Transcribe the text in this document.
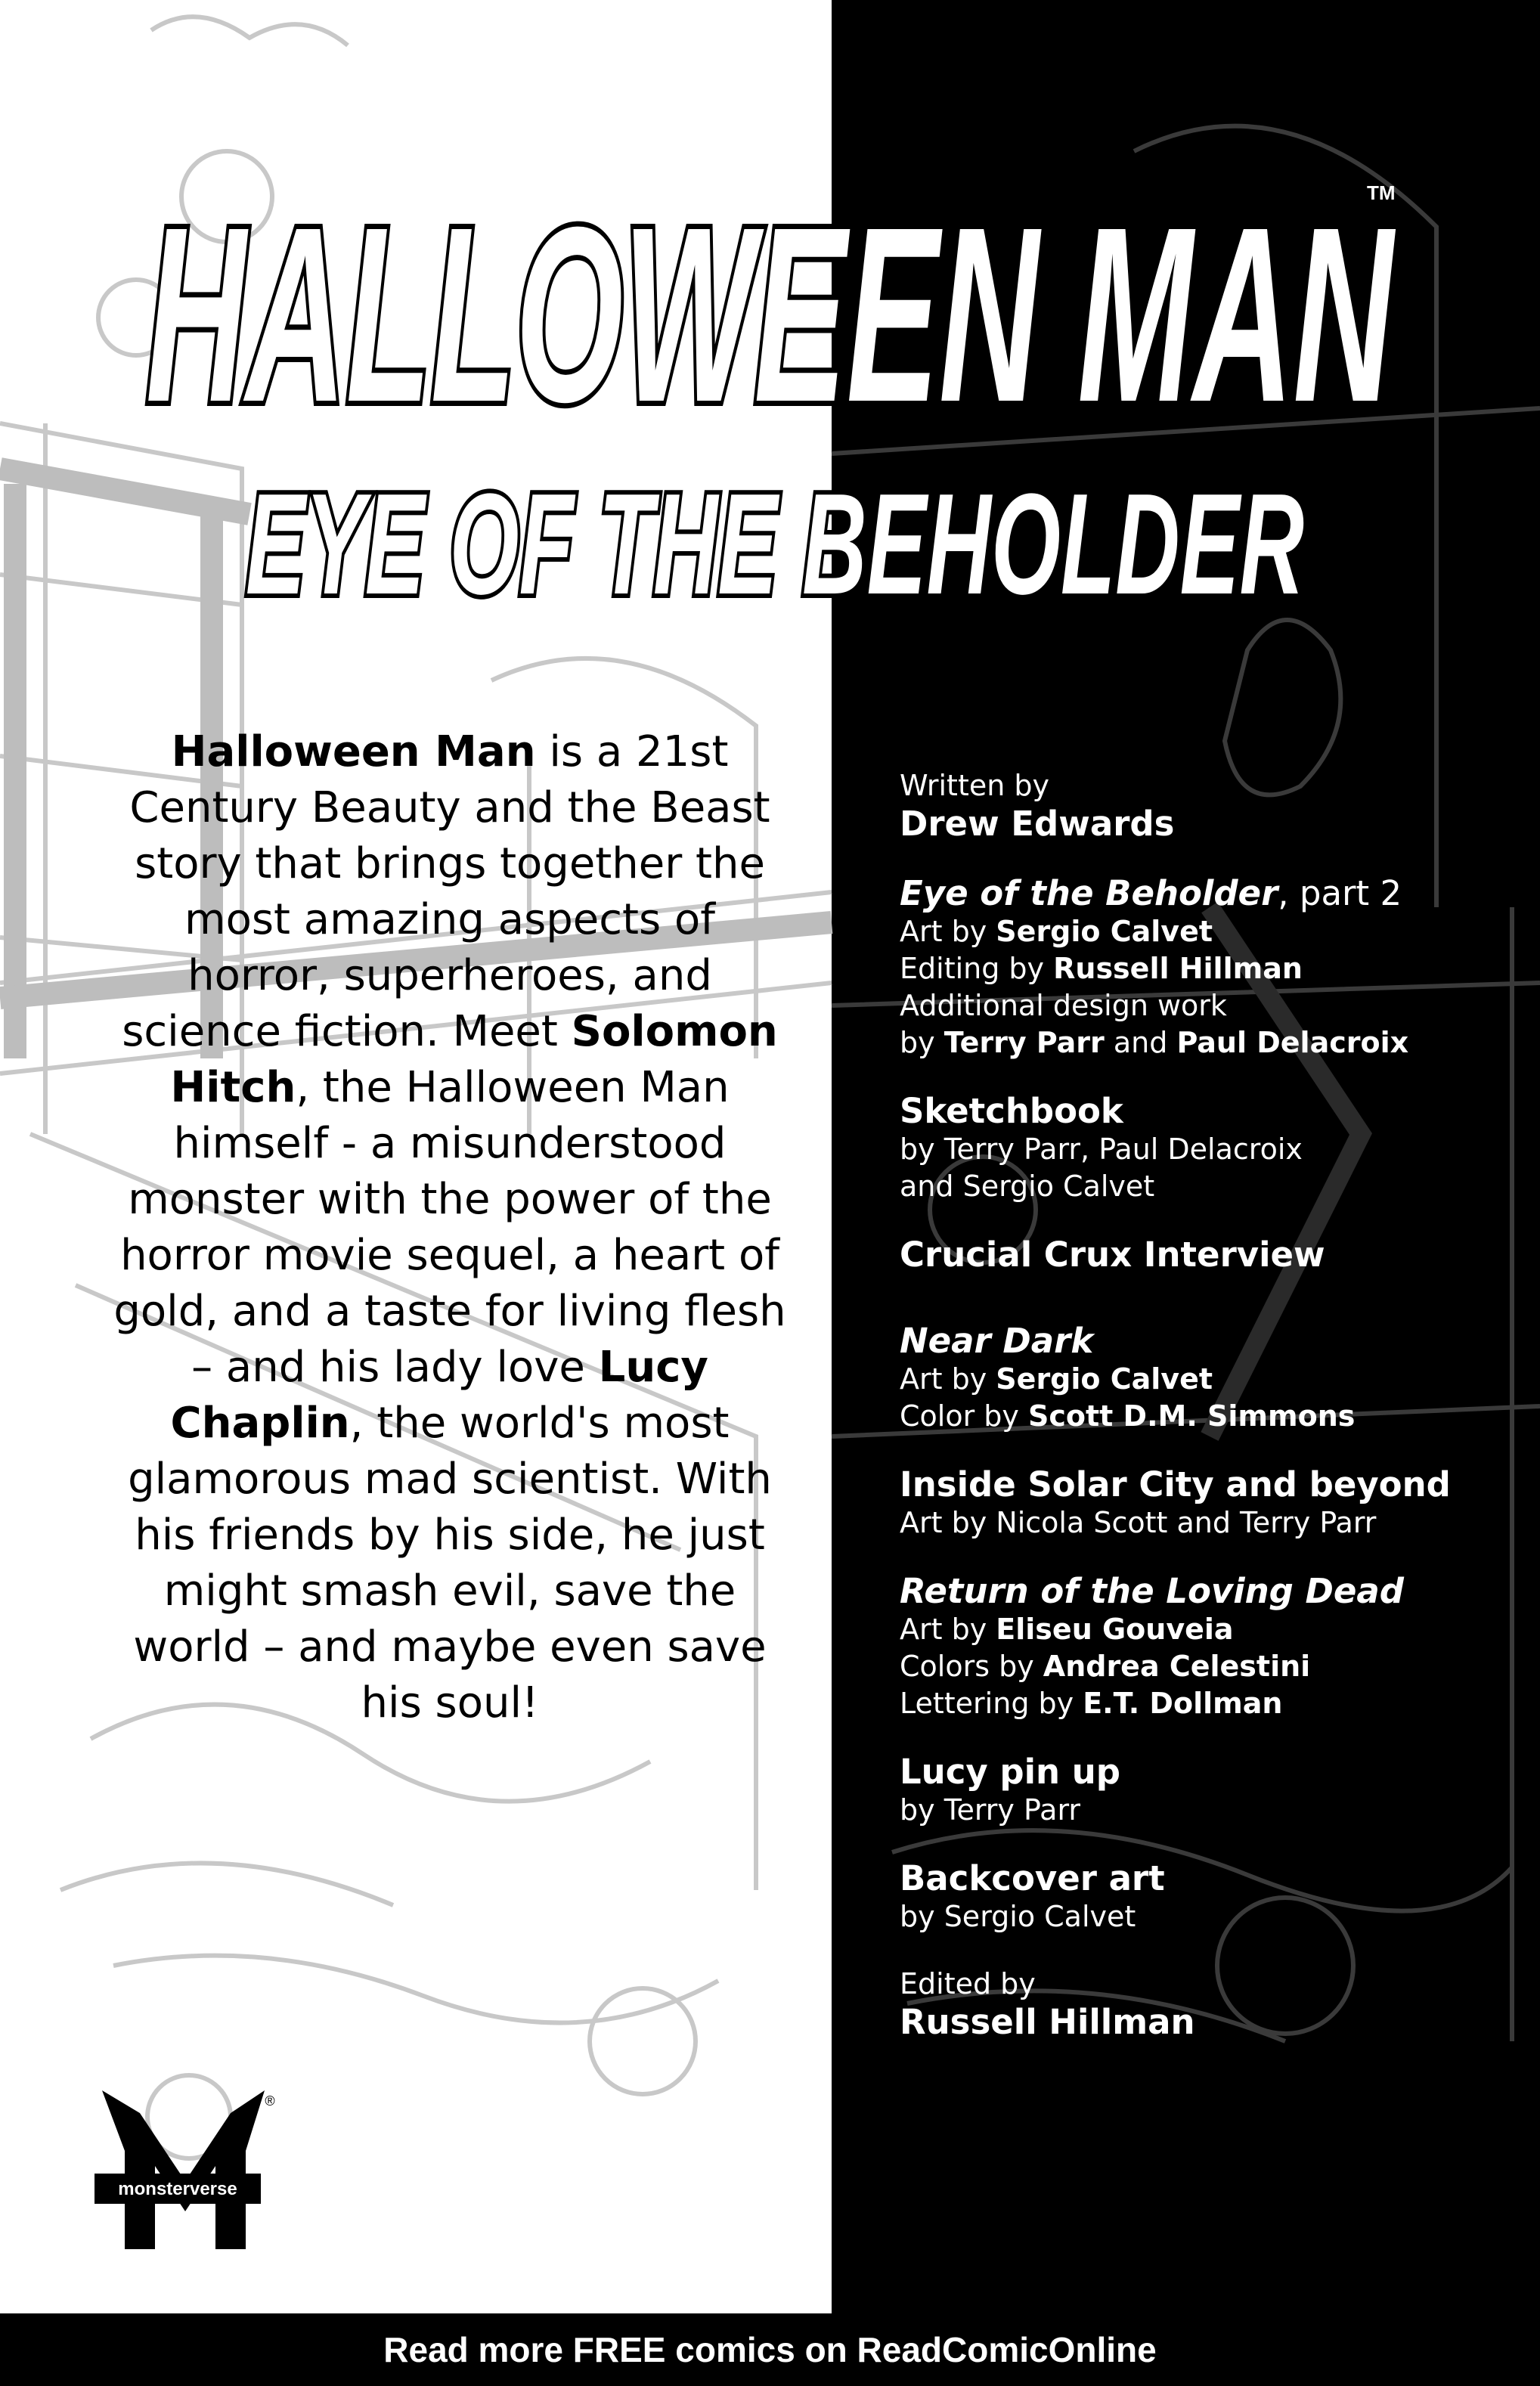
HALLOWEEN MAN
TM
EYE OF THE BEHOLDER
Halloween Man is a 21st Century Beauty and the Beast story that brings together the most amazing aspects of horror, superheroes, and science fiction. Meet Solomon Hitch, the Halloween Man himself - a misunderstood monster with the power of the horror movie sequel, a heart of gold, and a taste for living flesh – and his lady love Lucy Chaplin, the world's most glamorous mad scientist. With his friends by his side, he just might smash evil, save the world – and maybe even save his soul!
Written by
Drew Edwards
Eye of the Beholder, part 2
Art by Sergio Calvet
Editing by Russell Hillman
Additional design work
by Terry Parr and Paul Delacroix
Sketchbook
by Terry Parr, Paul Delacroix
and Sergio Calvet
Crucial Crux Interview
Near Dark
Art by Sergio Calvet
Color by Scott D.M. Simmons
Inside Solar City and beyond
Art by Nicola Scott and Terry Parr
Return of the Loving Dead
Art by Eliseu Gouveia
Colors by Andrea Celestini
Lettering by E.T. Dollman
Lucy pin up
by Terry Parr
Backcover art
by Sergio Calvet
Edited by
Russell Hillman
monsterverse
®
Read more FREE comics on ReadComicOnline
